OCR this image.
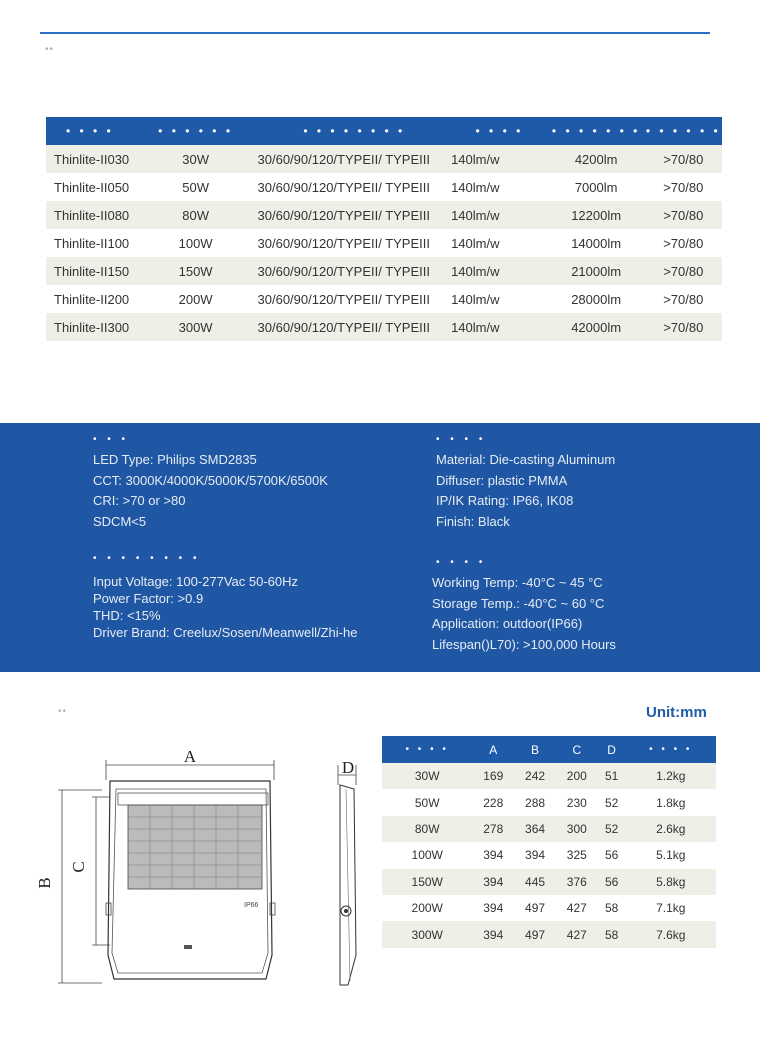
••
• • • •	• • • • • •	• • • • • • • •	• • • •	• • • • • • •	• • • • • •
Thinlite-II030	30W	30/60/90/120/TYPEII/ TYPEIII	140lm/w	4200lm	>70/80
Thinlite-II050	50W	30/60/90/120/TYPEII/ TYPEIII	140lm/w	7000lm	>70/80
Thinlite-II080	80W	30/60/90/120/TYPEII/ TYPEIII	140lm/w	12200lm	>70/80
Thinlite-II100	100W	30/60/90/120/TYPEII/ TYPEIII	140lm/w	14000lm	>70/80
Thinlite-II150	150W	30/60/90/120/TYPEII/ TYPEIII	140lm/w	21000lm	>70/80
Thinlite-II200	200W	30/60/90/120/TYPEII/ TYPEIII	140lm/w	28000lm	>70/80
Thinlite-II300	300W	30/60/90/120/TYPEII/ TYPEIII	140lm/w	42000lm	>70/80
• • •
LED Type: Philips SMD2835
CCT: 3000K/4000K/5000K/5700K/6500K
CRI: >70 or >80
SDCM<5
• • • •
Material: Die-casting Aluminum
Diffuser: plastic PMMA
IP/IK Rating: IP66, IK08
Finish: Black
• • • • • • • •
Input Voltage: 100-277Vac 50-60Hz
Power Factor: >0.9
THD: <15%
Driver Brand: Creelux/Sosen/Meanwell/Zhi-he
• • • •
Working Temp: -40°C ~ 45 °C
Storage Temp.: -40°C ~ 60 °C
Application: outdoor(IP66)
Lifespan()L70): >100,000 Hours
••	Unit:mm
A
B
C
IP66
D
• • • •	A	B	C	D	• • • •
30W	169	242	200	51	1.2kg
50W	228	288	230	52	1.8kg
80W	278	364	300	52	2.6kg
100W	394	394	325	56	5.1kg
150W	394	445	376	56	5.8kg
200W	394	497	427	58	7.1kg
300W	394	497	427	58	7.6kg
